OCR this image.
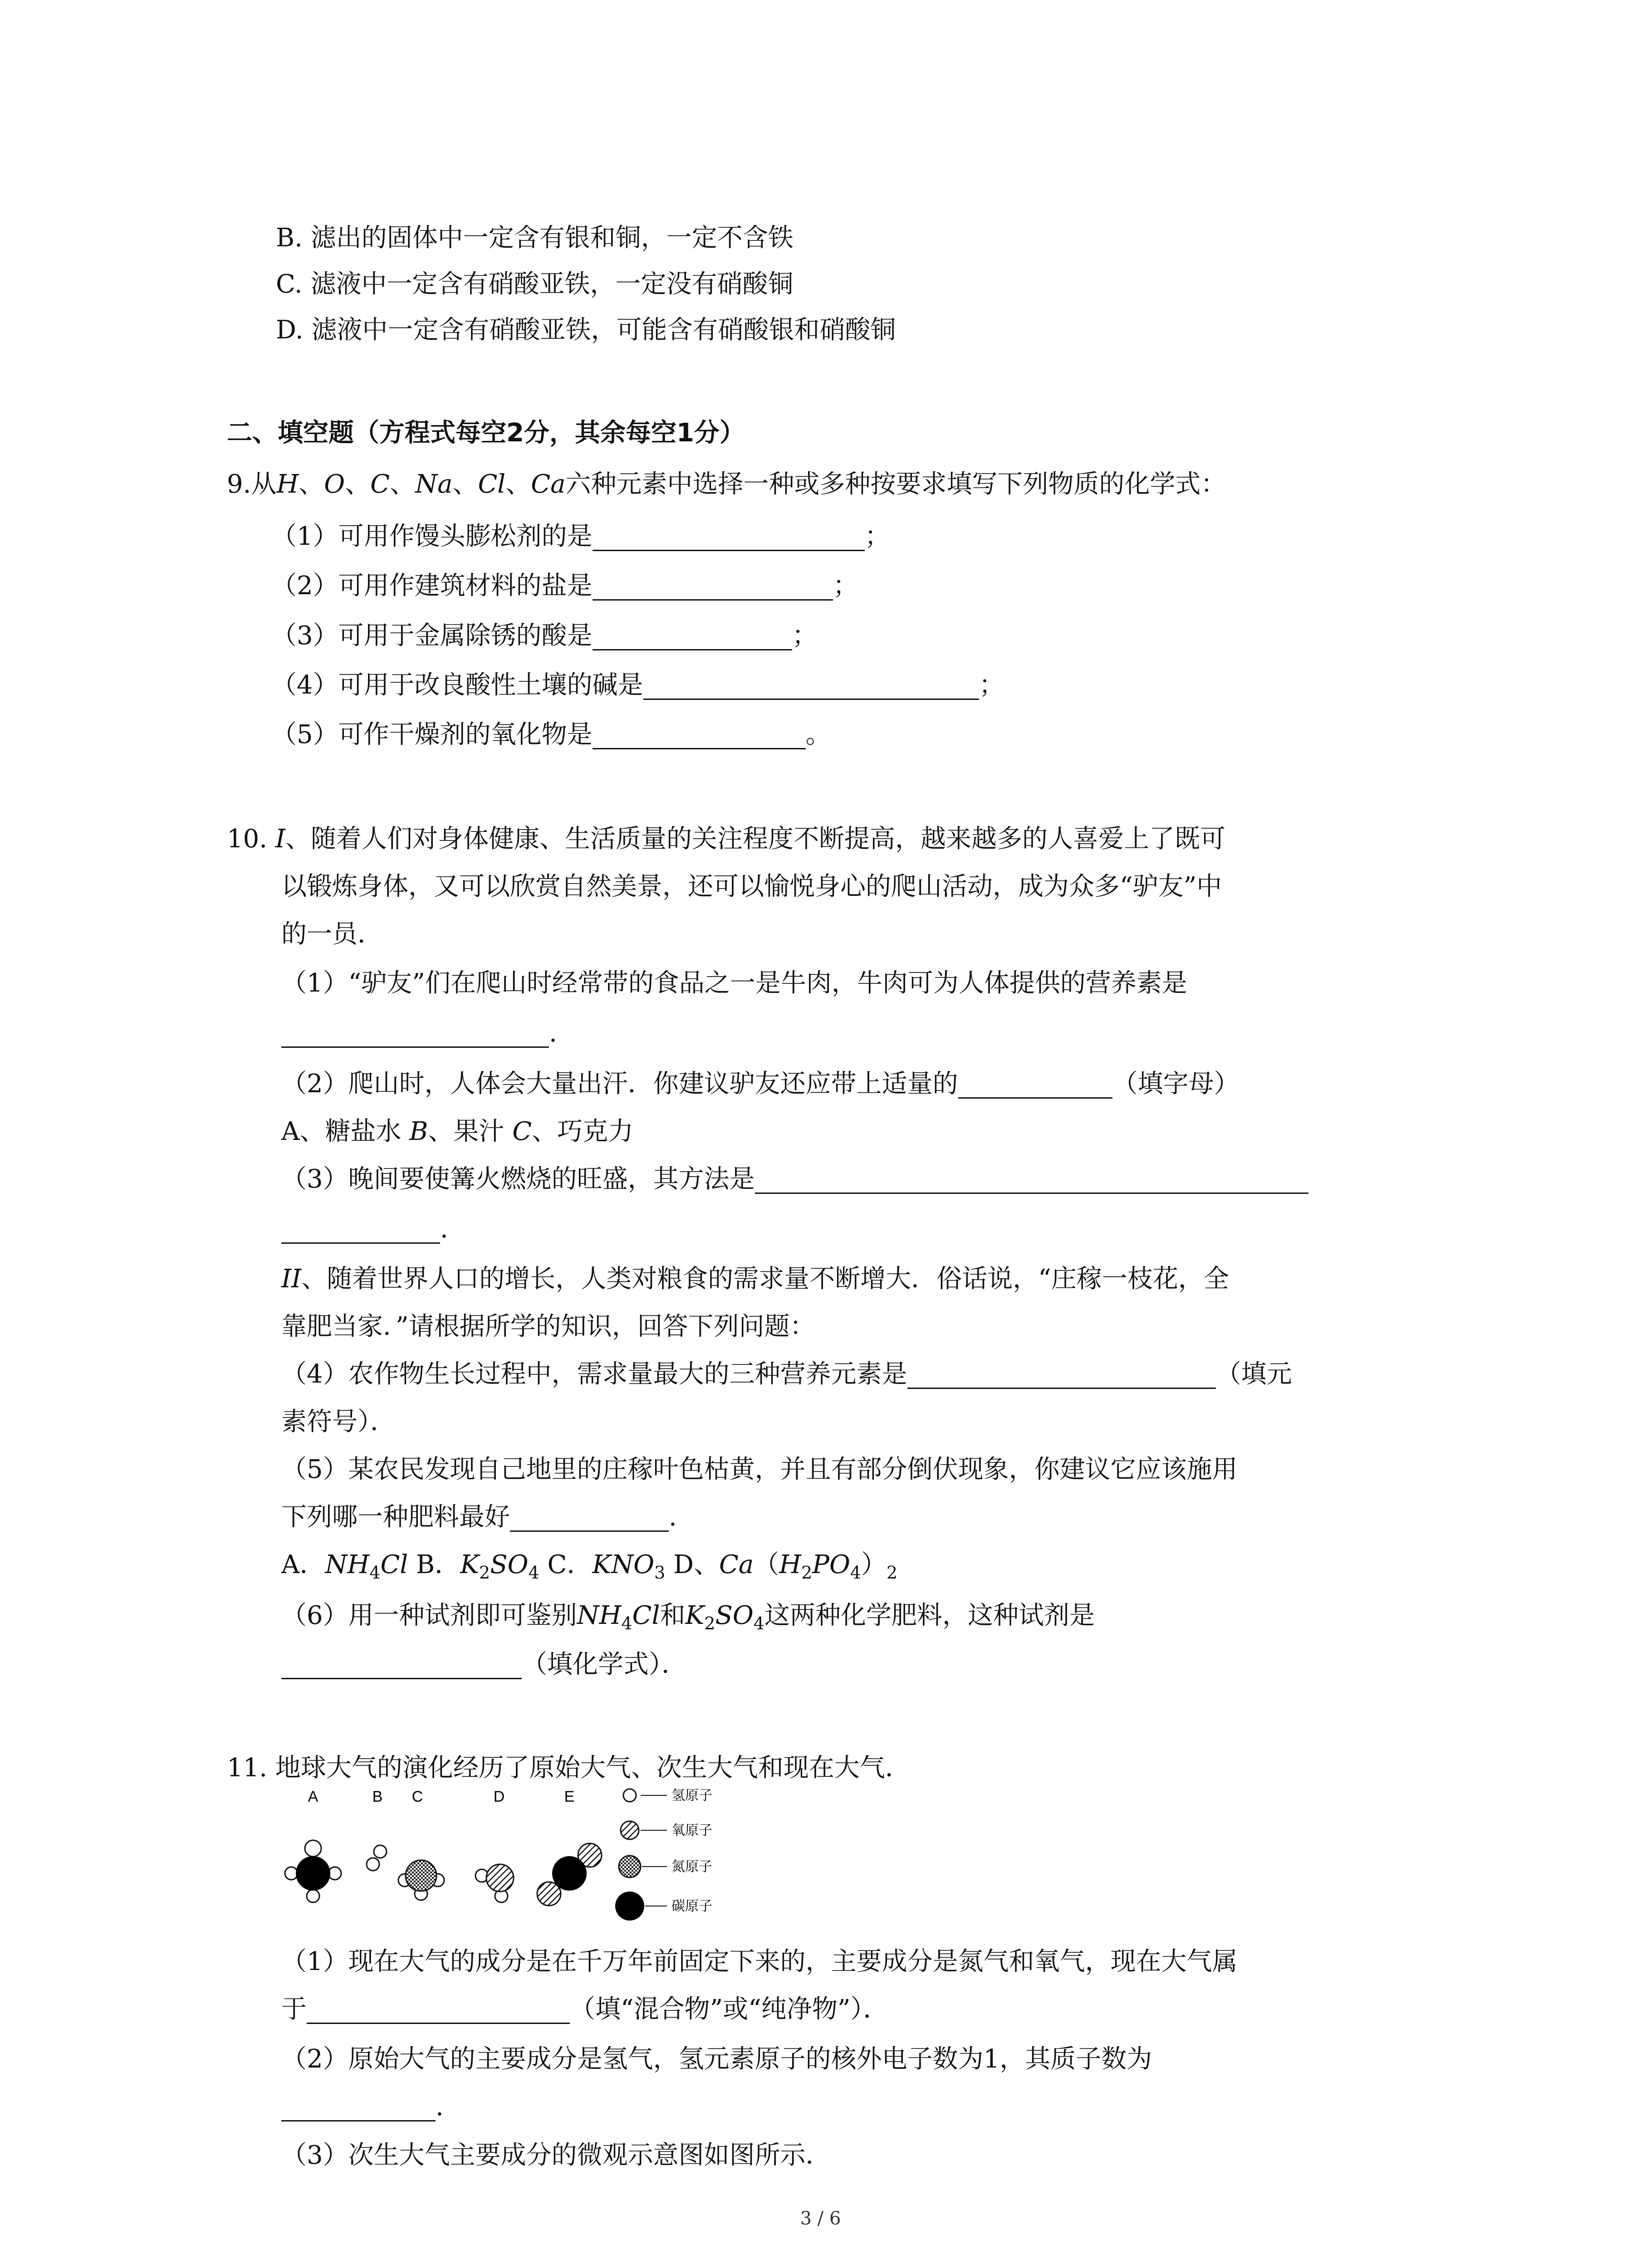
B. 滤出的固体中一定含有银和铜，一定不含铁
C. 滤液中一定含有硝酸亚铁，一定没有硝酸铜
D. 滤液中一定含有硝酸亚铁，可能含有硝酸银和硝酸铜
二、填空题（方程式每空2分，其余每空1分）
9.从H、O、C、Na、Cl、Ca六种元素中选择一种或多种按要求填写下列物质的化学式：
（1）可用作馒头膨松剂的是	；
（2）可用作建筑材料的盐是	；
（3）可用于金属除锈的酸是	；
（4）可用于改良酸性土壤的碱是	；
（5）可作干燥剂的氧化物是	。
10. I、随着人们对身体健康、生活质量的关注程度不断提高，越来越多的人喜爱上了既可
以锻炼身体，又可以欣赏自然美景，还可以愉悦身心的爬山活动，成为众多“驴友”中
的一员．
（1）“驴友”们在爬山时经常带的食品之一是牛肉，牛肉可为人体提供的营养素是
.
（2）爬山时，人体会大量出汗．你建议驴友还应带上适量的	（填字母）
A、糖盐水 B、果汁 C、巧克力
（3）晚间要使篝火燃烧的旺盛，其方法是
.
II、随着世界人口的增长，人类对粮食的需求量不断增大．俗话说，“庄稼一枝花，全
靠肥当家．”请根据所学的知识，回答下列问题：
（4）农作物生长过程中，需求量最大的三种营养元素是	（填元
素符号）．
（5）某农民发现自己地里的庄稼叶色枯黄，并且有部分倒伏现象，你建议它应该施用
下列哪一种肥料最好	.
A．$NH_4Cl$ B．$K_2SO_4$ C．$KNO_3$ D、$Ca(H_2PO_4)_2$
（6）用一种试剂即可鉴别$NH_4Cl$和$K_2SO_4$这两种化学肥料，这种试剂是
（填化学式）．
11. 地球大气的演化经历了原始大气、次生大气和现在大气．
A	B C	D	E	氢原子
氧原子
氮原子
碳原子
（1）现在大气的成分是在千万年前固定下来的，主要成分是氮气和氧气，现在大气属
于	（填“混合物”或“纯净物”）．
（2）原始大气的主要成分是氢气，氢元素原子的核外电子数为1，其质子数为
.
（3）次生大气主要成分的微观示意图如图所示．
3 / 6
